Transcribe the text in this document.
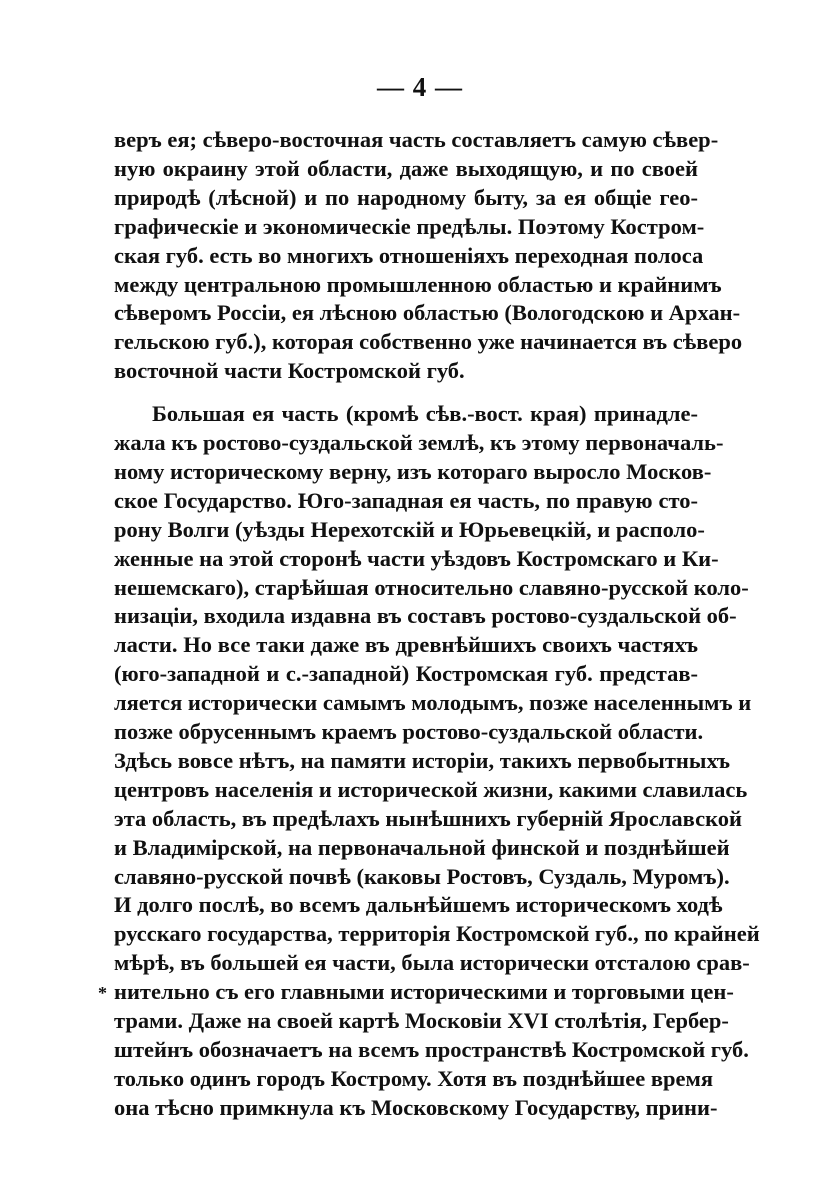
— 4 —
веръ ея; сѣверо-восточная часть составляетъ самую сѣвер-
ную окраину этой области, даже выходящую, и по своей
природѣ (лѣсной) и по народному быту, за ея общіе гео-
графическіе и экономическіе предѣлы. Поэтому Костром-
ская губ. есть во многихъ отношеніяхъ переходная полоса
между центральною промышленною областью и крайнимъ
сѣверомъ Россіи, ея лѣсною областью (Вологодскою и Архан-
гельскою губ.), которая собственно уже начинается въ сѣверо
восточной части Костромской губ.
Большая ея часть (кромѣ сѣв.-вост. края) принадле-
жала къ ростово-суздальской землѣ, къ этому первоначаль-
ному историческому верну, изъ котораго выросло Москов-
ское Государство. Юго-западная ея часть, по правую сто-
рону Волги (уѣзды Нерехотскій и Юрьевецкій, и располо-
женные на этой сторонѣ части уѣздовъ Костромскаго и Ки-
нешемскаго), старѣйшая относительно славяно-русской коло-
низаціи, входила издавна въ составъ ростово-суздальской об-
ласти. Но все таки даже въ древнѣйшихъ своихъ частяхъ
(юго-западной и с.-западной) Костромская губ. представ-
ляется исторически самымъ молодымъ, позже населеннымъ и
позже обрусеннымъ краемъ ростово-суздальской области.
Здѣсь вовсе нѣтъ, на памяти исторіи, такихъ первобытныхъ
центровъ населенія и исторической жизни, какими славилась
эта область, въ предѣлахъ нынѣшнихъ губерній Ярославской
и Владимірской, на первоначальной финской и позднѣйшей
славяно-русской почвѣ (каковы Ростовъ, Суздаль, Муромъ).
И долго послѣ, во всемъ дальнѣйшемъ историческомъ ходѣ
русскаго государства, территорія Костромской губ., по крайней
мѣрѣ, въ большей ея части, была исторически отсталою срав-
нительно съ его главными историческими и торговыми цен-
трами. Даже на своей картѣ Московіи XVI столѣтія, Гербер-
штейнъ обозначаетъ на всемъ пространствѣ Костромской губ.
только одинъ городъ Кострому. Хотя въ позднѣйшее время
она тѣсно примкнула къ Московскому Государству, прини-
*
